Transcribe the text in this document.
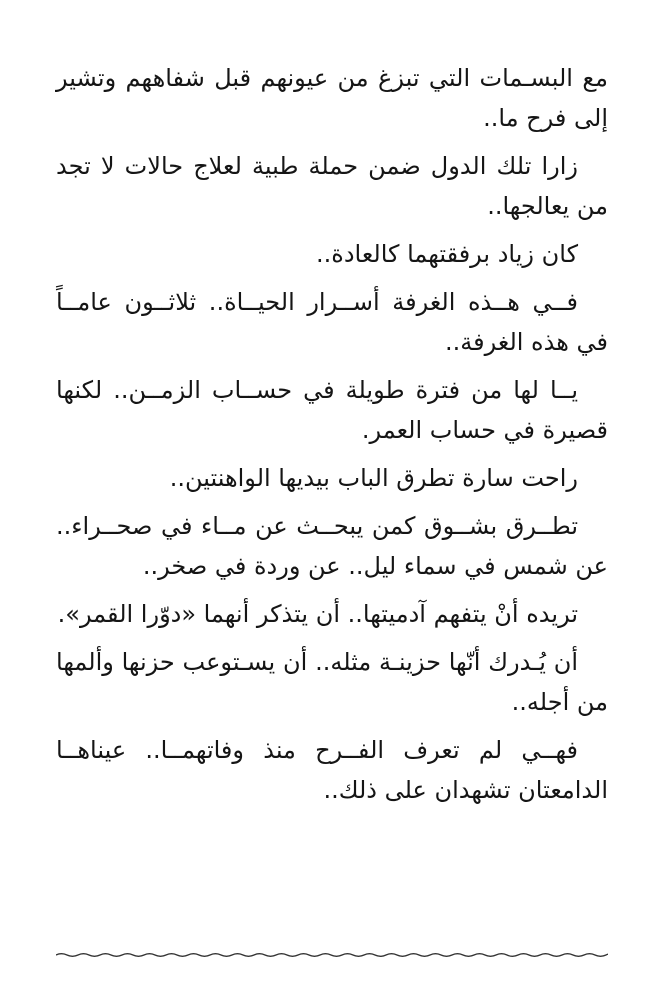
مع البسـمات التي تبزغ من عيونهم قبل شفاههم وتشير إلى فرح ما..

زارا تلك الدول ضمن حملة طبية لعلاج حالات لا تجد من يعالجها..

كان زياد برفقتهما كالعادة..

فــي هــذه الغرفة أســرار الحيــاة.. ثلاثــون عامــاً في هذه الغرفة..

يــا لها من فترة طويلة في حســاب الزمــن.. لكنها قصيرة في حساب العمر.

راحت سارة تطرق الباب بيديها الواهنتين..

تطــرق بشــوق كمن يبحــث عن مــاء في صحــراء.. عن شمس في سماء ليل.. عن وردة في صخر..

تريده أنْ يتفهم آدميتها.. أن يتذكر أنهما «دوّرا القمر».

أن يُـدرك أنّها حزينـة مثله.. أن يسـتوعب حزنها وألمها من أجله..

فهــي لم تعرف الفــرح منذ وفاتهمــا.. عيناهــا الدامعتان تشهدان على ذلك..
